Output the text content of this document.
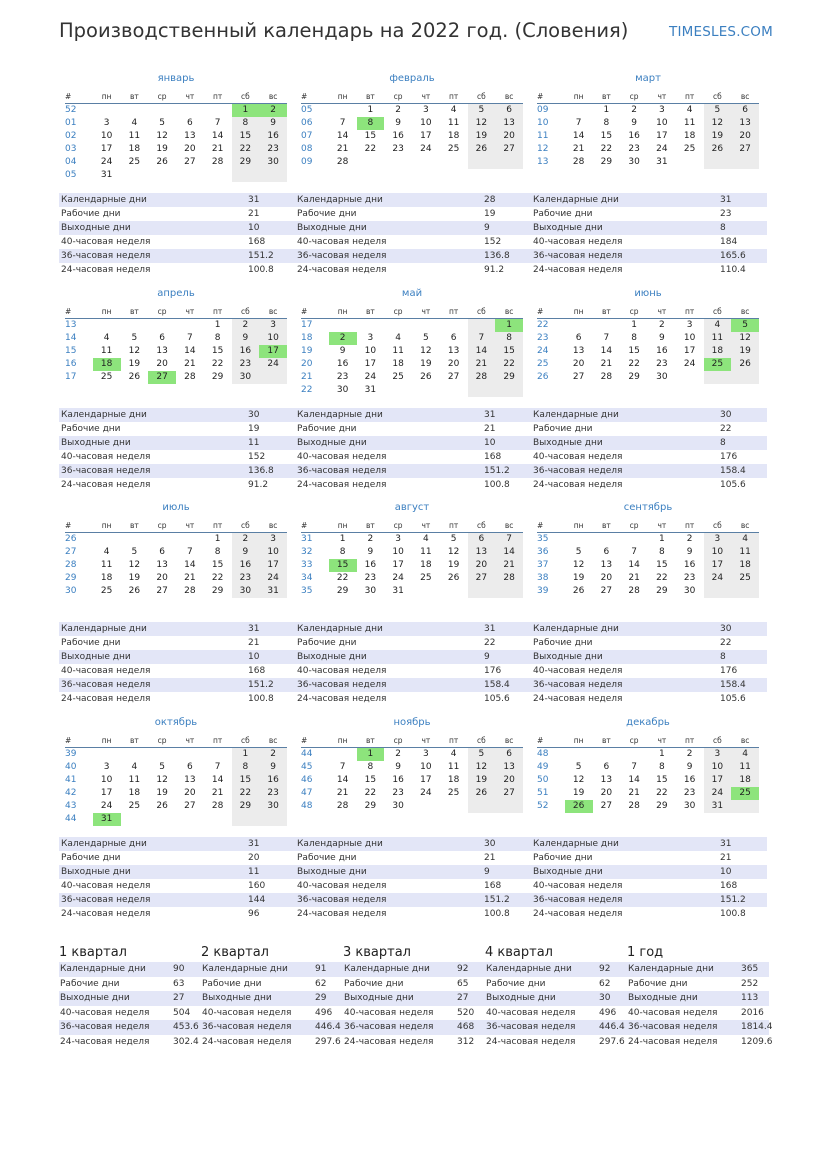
Производственный календарь на 2022 год. (Словения)	TIMESLES.COM
январь
#	пн	вт	ср	чт	пт	сб	вс
52						1	2
01	3	4	5	6	7	8	9
02	10	11	12	13	14	15	16
03	17	18	19	20	21	22	23
04	24	25	26	27	28	29	30
05	31						
Календарные дни	31
Рабочие дни	21
Выходные дни	10
40-часовая неделя	168
36-часовая неделя	151.2
24-часовая неделя	100.8
февраль
#	пн	вт	ср	чт	пт	сб	вс
05		1	2	3	4	5	6
06	7	8	9	10	11	12	13
07	14	15	16	17	18	19	20
08	21	22	23	24	25	26	27
09	28						
Календарные дни	28
Рабочие дни	19
Выходные дни	9
40-часовая неделя	152
36-часовая неделя	136.8
24-часовая неделя	91.2
март
#	пн	вт	ср	чт	пт	сб	вс
09		1	2	3	4	5	6
10	7	8	9	10	11	12	13
11	14	15	16	17	18	19	20
12	21	22	23	24	25	26	27
13	28	29	30	31			
Календарные дни	31
Рабочие дни	23
Выходные дни	8
40-часовая неделя	184
36-часовая неделя	165.6
24-часовая неделя	110.4
апрель
#	пн	вт	ср	чт	пт	сб	вс
13					1	2	3
14	4	5	6	7	8	9	10
15	11	12	13	14	15	16	17
16	18	19	20	21	22	23	24
17	25	26	27	28	29	30	
Календарные дни	30
Рабочие дни	19
Выходные дни	11
40-часовая неделя	152
36-часовая неделя	136.8
24-часовая неделя	91.2
май
#	пн	вт	ср	чт	пт	сб	вс
17							1
18	2	3	4	5	6	7	8
19	9	10	11	12	13	14	15
20	16	17	18	19	20	21	22
21	23	24	25	26	27	28	29
22	30	31					
Календарные дни	31
Рабочие дни	21
Выходные дни	10
40-часовая неделя	168
36-часовая неделя	151.2
24-часовая неделя	100.8
июнь
#	пн	вт	ср	чт	пт	сб	вс
22			1	2	3	4	5
23	6	7	8	9	10	11	12
24	13	14	15	16	17	18	19
25	20	21	22	23	24	25	26
26	27	28	29	30			
Календарные дни	30
Рабочие дни	22
Выходные дни	8
40-часовая неделя	176
36-часовая неделя	158.4
24-часовая неделя	105.6
июль
#	пн	вт	ср	чт	пт	сб	вс
26					1	2	3
27	4	5	6	7	8	9	10
28	11	12	13	14	15	16	17
29	18	19	20	21	22	23	24
30	25	26	27	28	29	30	31
Календарные дни	31
Рабочие дни	21
Выходные дни	10
40-часовая неделя	168
36-часовая неделя	151.2
24-часовая неделя	100.8
август
#	пн	вт	ср	чт	пт	сб	вс
31	1	2	3	4	5	6	7
32	8	9	10	11	12	13	14
33	15	16	17	18	19	20	21
34	22	23	24	25	26	27	28
35	29	30	31				
Календарные дни	31
Рабочие дни	22
Выходные дни	9
40-часовая неделя	176
36-часовая неделя	158.4
24-часовая неделя	105.6
сентябрь
#	пн	вт	ср	чт	пт	сб	вс
35				1	2	3	4
36	5	6	7	8	9	10	11
37	12	13	14	15	16	17	18
38	19	20	21	22	23	24	25
39	26	27	28	29	30		
Календарные дни	30
Рабочие дни	22
Выходные дни	8
40-часовая неделя	176
36-часовая неделя	158.4
24-часовая неделя	105.6
октябрь
#	пн	вт	ср	чт	пт	сб	вс
39						1	2
40	3	4	5	6	7	8	9
41	10	11	12	13	14	15	16
42	17	18	19	20	21	22	23
43	24	25	26	27	28	29	30
44	31						
Календарные дни	31
Рабочие дни	20
Выходные дни	11
40-часовая неделя	160
36-часовая неделя	144
24-часовая неделя	96
ноябрь
#	пн	вт	ср	чт	пт	сб	вс
44		1	2	3	4	5	6
45	7	8	9	10	11	12	13
46	14	15	16	17	18	19	20
47	21	22	23	24	25	26	27
48	28	29	30				
Календарные дни	30
Рабочие дни	21
Выходные дни	9
40-часовая неделя	168
36-часовая неделя	151.2
24-часовая неделя	100.8
декабрь
#	пн	вт	ср	чт	пт	сб	вс
48				1	2	3	4
49	5	6	7	8	9	10	11
50	12	13	14	15	16	17	18
51	19	20	21	22	23	24	25
52	26	27	28	29	30	31	
Календарные дни	31
Рабочие дни	21
Выходные дни	10
40-часовая неделя	168
36-часовая неделя	151.2
24-часовая неделя	100.8
1 квартал
Календарные дни	90
Рабочие дни	63
Выходные дни	27
40-часовая неделя	504
36-часовая неделя	453.6
24-часовая неделя	302.4
2 квартал
Календарные дни	91
Рабочие дни	62
Выходные дни	29
40-часовая неделя	496
36-часовая неделя	446.4
24-часовая неделя	297.6
3 квартал
Календарные дни	92
Рабочие дни	65
Выходные дни	27
40-часовая неделя	520
36-часовая неделя	468
24-часовая неделя	312
4 квартал
Календарные дни	92
Рабочие дни	62
Выходные дни	30
40-часовая неделя	496
36-часовая неделя	446.4
24-часовая неделя	297.6
1 год
Календарные дни	365
Рабочие дни	252
Выходные дни	113
40-часовая неделя	2016
36-часовая неделя	1814.4
24-часовая неделя	1209.6
